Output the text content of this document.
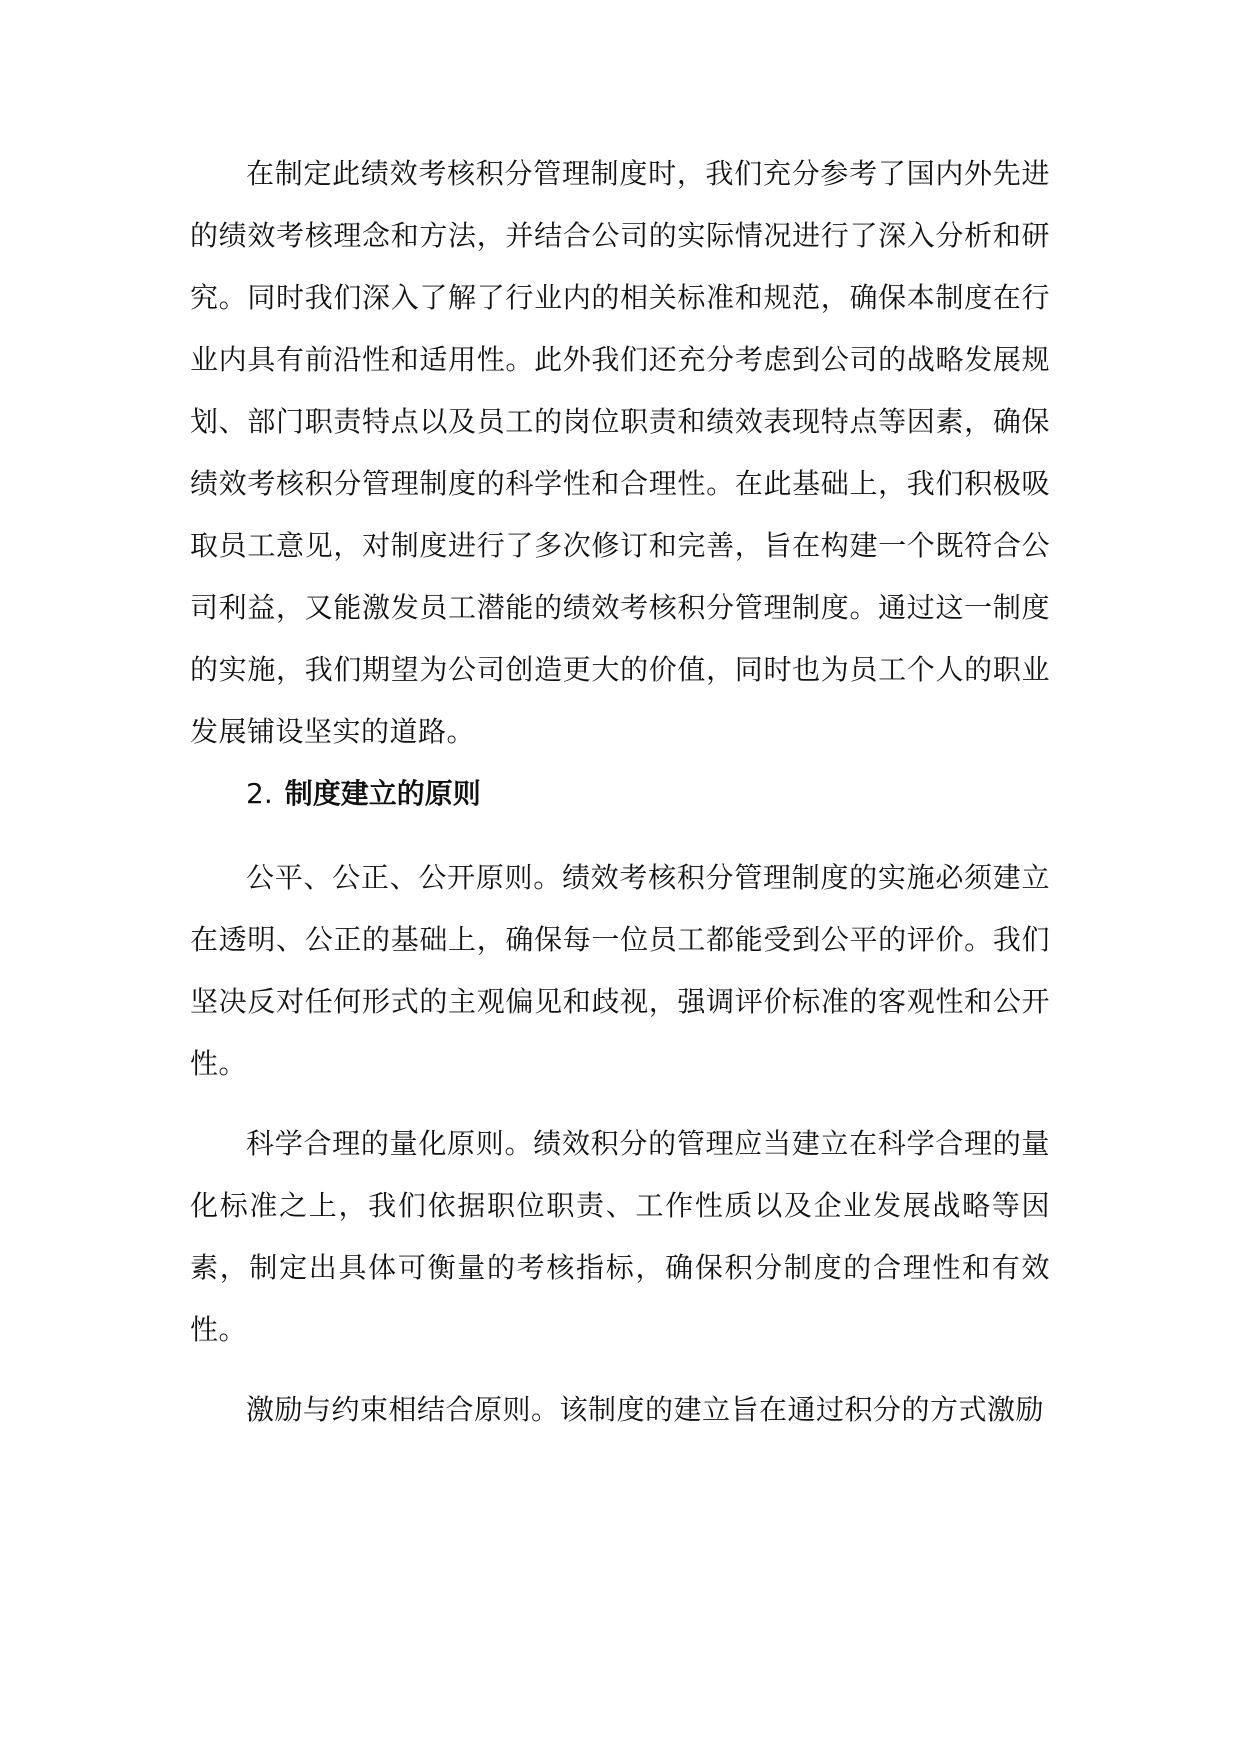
在制定此绩效考核积分管理制度时，我们充分参考了国内外先进的绩效考核理念和方法，并结合公司的实际情况进行了深入分析和研究。同时我们深入了解了行业内的相关标准和规范，确保本制度在行业内具有前沿性和适用性。此外我们还充分考虑到公司的战略发展规划、部门职责特点以及员工的岗位职责和绩效表现特点等因素，确保绩效考核积分管理制度的科学性和合理性。在此基础上，我们积极吸取员工意见，对制度进行了多次修订和完善，旨在构建一个既符合公司利益，又能激发员工潜能的绩效考核积分管理制度。通过这一制度的实施，我们期望为公司创造更大的价值，同时也为员工个人的职业发展铺设坚实的道路。

2. 制度建立的原则

公平、公正、公开原则。绩效考核积分管理制度的实施必须建立在透明、公正的基础上，确保每一位员工都能受到公平的评价。我们坚决反对任何形式的主观偏见和歧视，强调评价标准的客观性和公开性。

科学合理的量化原则。绩效积分的管理应当建立在科学合理的量化标准之上，我们依据职位职责、工作性质以及企业发展战略等因素，制定出具体可衡量的考核指标，确保积分制度的合理性和有效性。

激励与约束相结合原则。该制度的建立旨在通过积分的方式激励
